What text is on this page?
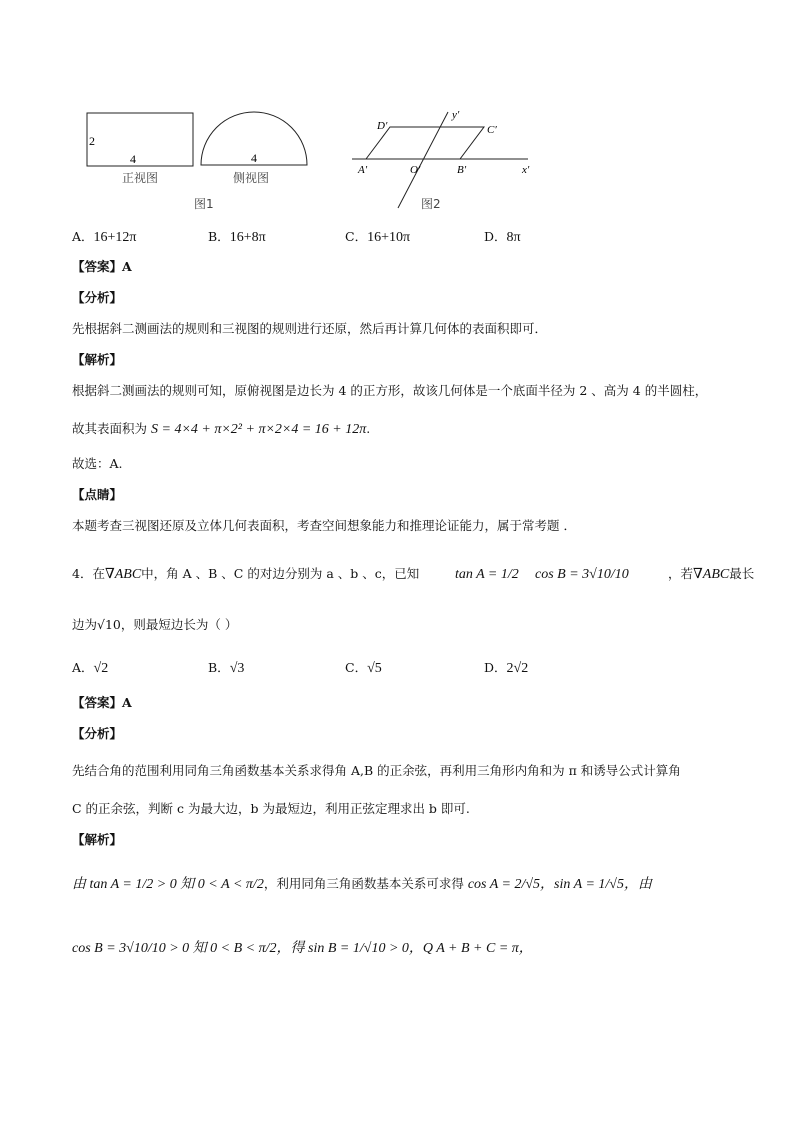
2
4
正视图
4
侧视图
图1
y′
x′
D′	C′
A′	O′	B′
图2
A．16+12π	B．16+8π	C．16+10π	D．8π
【答案】A
【分析】
先根据斜二测画法的规则和三视图的规则进行还原，然后再计算几何体的表面积即可．
【解析】
根据斜二测画法的规则可知，原俯视图是边长为 4 的正方形，故该几何体是一个底面半径为 2 、高为 4 的半圆柱，
故其表面积为 S = 4×4 + π×2² + π×2×4 = 16 + 12π.
故选：A.
【点睛】
本题考查三视图还原及立体几何表面积，考查空间想象能力和推理论证能力，属于常考题 ．
4．在∇ABC中，角 A 、B 、C 的对边分别为 a 、b 、c，已知	tan A = 1/2 cos B = 3√10/10	，若∇ABC最长
边为√10，则最短边长为（ ）
A．√2	B．√3	C．√5	D．2√2
【答案】A
【分析】
先结合角的范围利用同角三角函数基本关系求得角 A,B 的正余弦，再利用三角形内角和为 π 和诱导公式计算角
C 的正余弦，判断 c 为最大边，b 为最短边，利用正弦定理求出 b 即可.
【解析】
由 tan A = 1/2 > 0 知 0 < A < π/2，利用同角三角函数基本关系可求得 cos A = 2/√5，sin A = 1/√5，由
cos B = 3√10/10 > 0 知 0 < B < π/2，得 sin B = 1/√10 > 0，Q A + B + C = π，
